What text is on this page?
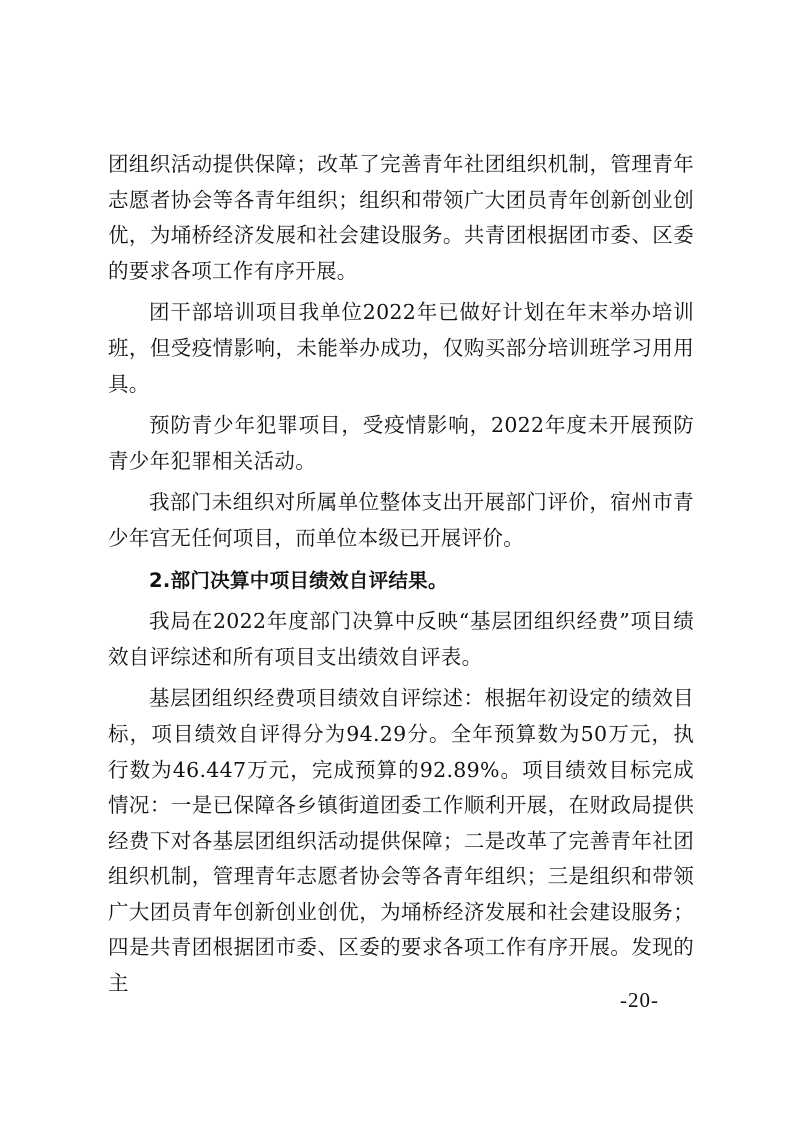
团组织活动提供保障；改革了完善青年社团组织机制，管理青年志愿者协会等各青年组织；组织和带领广大团员青年创新创业创优，为埇桥经济发展和社会建设服务。共青团根据团市委、区委的要求各项工作有序开展。

团干部培训项目我单位2022年已做好计划在年末举办培训班，但受疫情影响，未能举办成功，仅购买部分培训班学习用用具。

预防青少年犯罪项目，受疫情影响，2022年度未开展预防青少年犯罪相关活动。

我部门未组织对所属单位整体支出开展部门评价，宿州市青少年宫无任何项目，而单位本级已开展评价。

2.部门决算中项目绩效自评结果。

我局在2022年度部门决算中反映“基层团组织经费”项目绩效自评综述和所有项目支出绩效自评表。

基层团组织经费项目绩效自评综述：根据年初设定的绩效目标，项目绩效自评得分为94.29分。全年预算数为50万元，执行数为46.447万元，完成预算的92.89%。项目绩效目标完成情况：一是已保障各乡镇街道团委工作顺利开展，在财政局提供经费下对各基层团组织活动提供保障；二是改革了完善青年社团组织机制，管理青年志愿者协会等各青年组织；三是组织和带领广大团员青年创新创业创优，为埇桥经济发展和社会建设服务；四是共青团根据团市委、区委的要求各项工作有序开展。发现的主

-20-
